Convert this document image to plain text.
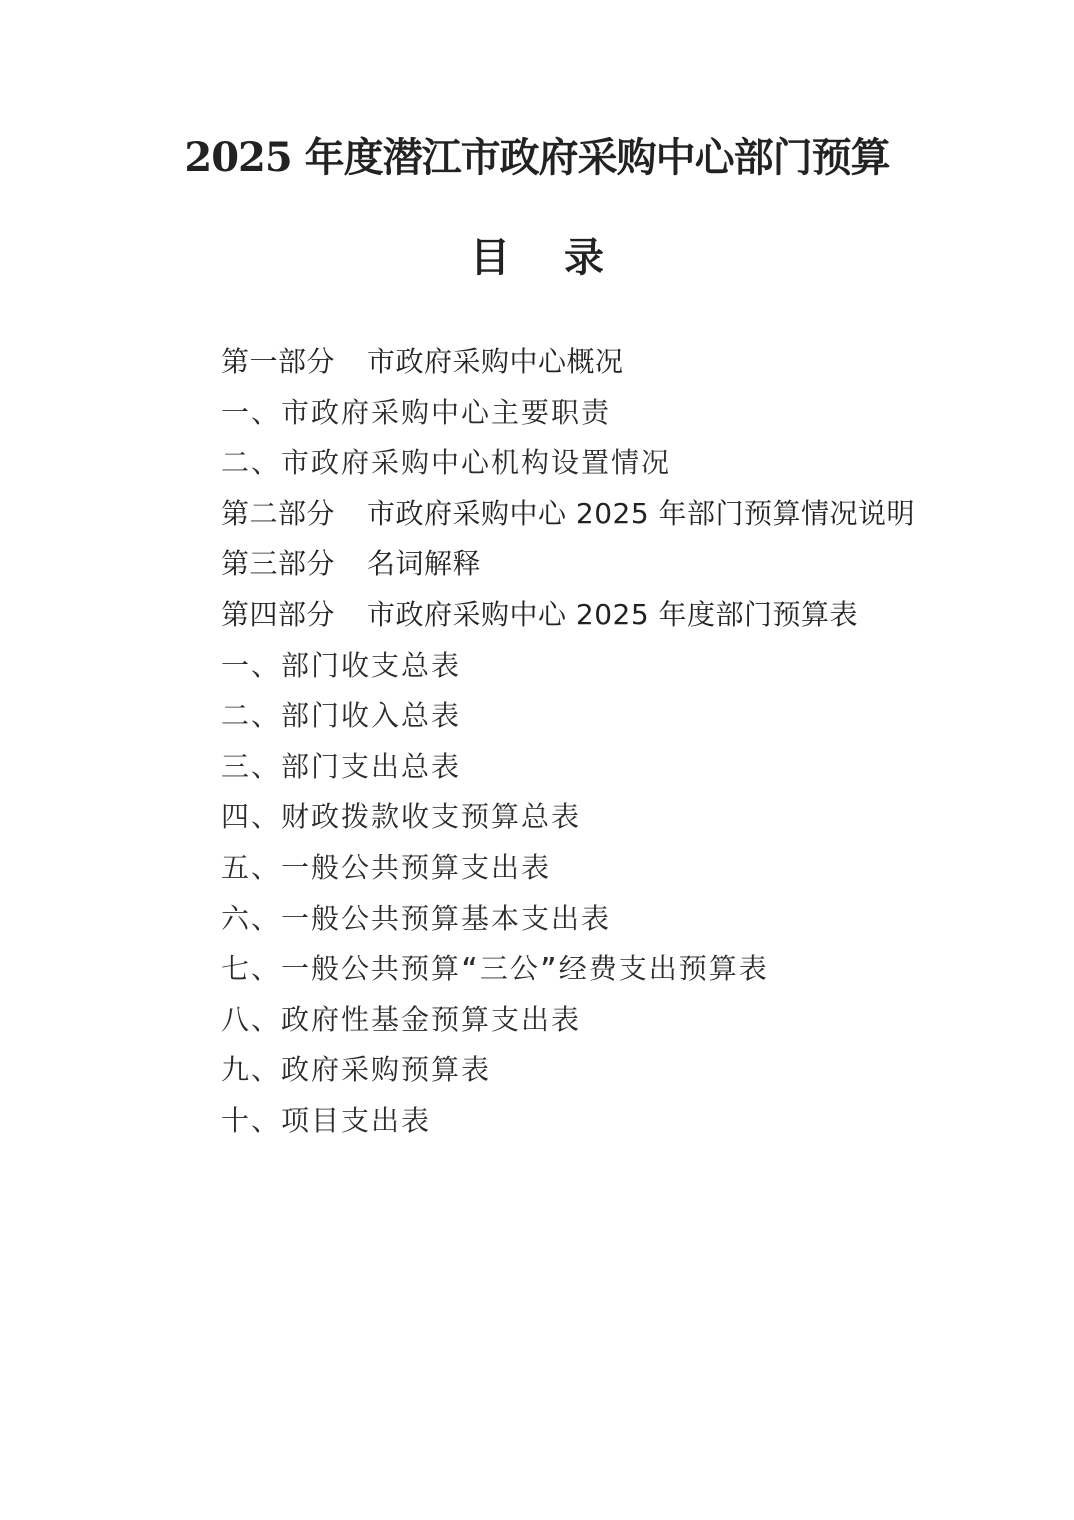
2025 年度潜江市政府采购中心部门预算
目 录
第一部分 市政府采购中心概况
一、市政府采购中心主要职责
二、市政府采购中心机构设置情况
第二部分 市政府采购中心 2025 年部门预算情况说明
第三部分 名词解释
第四部分 市政府采购中心 2025 年度部门预算表
一、部门收支总表
二、部门收入总表
三、部门支出总表
四、财政拨款收支预算总表
五、一般公共预算支出表
六、一般公共预算基本支出表
七、一般公共预算“三公”经费支出预算表
八、政府性基金预算支出表
九、政府采购预算表
十、项目支出表
